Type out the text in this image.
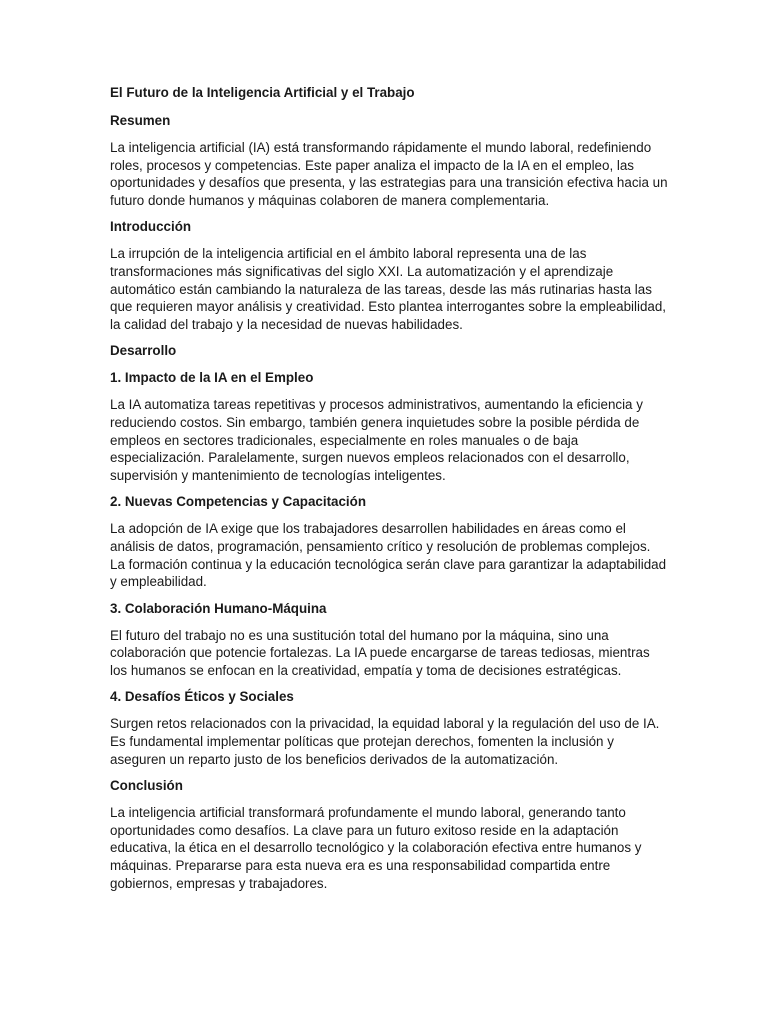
El Futuro de la Inteligencia Artificial y el Trabajo
Resumen
La inteligencia artificial (IA) está transformando rápidamente el mundo laboral, redefiniendo roles, procesos y competencias. Este paper analiza el impacto de la IA en el empleo, las oportunidades y desafíos que presenta, y las estrategias para una transición efectiva hacia un futuro donde humanos y máquinas colaboren de manera complementaria.
Introducción
La irrupción de la inteligencia artificial en el ámbito laboral representa una de las transformaciones más significativas del siglo XXI. La automatización y el aprendizaje automático están cambiando la naturaleza de las tareas, desde las más rutinarias hasta las que requieren mayor análisis y creatividad. Esto plantea interrogantes sobre la empleabilidad, la calidad del trabajo y la necesidad de nuevas habilidades.
Desarrollo
1. Impacto de la IA en el Empleo
La IA automatiza tareas repetitivas y procesos administrativos, aumentando la eficiencia y reduciendo costos. Sin embargo, también genera inquietudes sobre la posible pérdida de empleos en sectores tradicionales, especialmente en roles manuales o de baja especialización. Paralelamente, surgen nuevos empleos relacionados con el desarrollo, supervisión y mantenimiento de tecnologías inteligentes.
2. Nuevas Competencias y Capacitación
La adopción de IA exige que los trabajadores desarrollen habilidades en áreas como el análisis de datos, programación, pensamiento crítico y resolución de problemas complejos. La formación continua y la educación tecnológica serán clave para garantizar la adaptabilidad y empleabilidad.
3. Colaboración Humano-Máquina
El futuro del trabajo no es una sustitución total del humano por la máquina, sino una colaboración que potencie fortalezas. La IA puede encargarse de tareas tediosas, mientras los humanos se enfocan en la creatividad, empatía y toma de decisiones estratégicas.
4. Desafíos Éticos y Sociales
Surgen retos relacionados con la privacidad, la equidad laboral y la regulación del uso de IA. Es fundamental implementar políticas que protejan derechos, fomenten la inclusión y aseguren un reparto justo de los beneficios derivados de la automatización.
Conclusión
La inteligencia artificial transformará profundamente el mundo laboral, generando tanto oportunidades como desafíos. La clave para un futuro exitoso reside en la adaptación educativa, la ética en el desarrollo tecnológico y la colaboración efectiva entre humanos y máquinas. Prepararse para esta nueva era es una responsabilidad compartida entre gobiernos, empresas y trabajadores.
